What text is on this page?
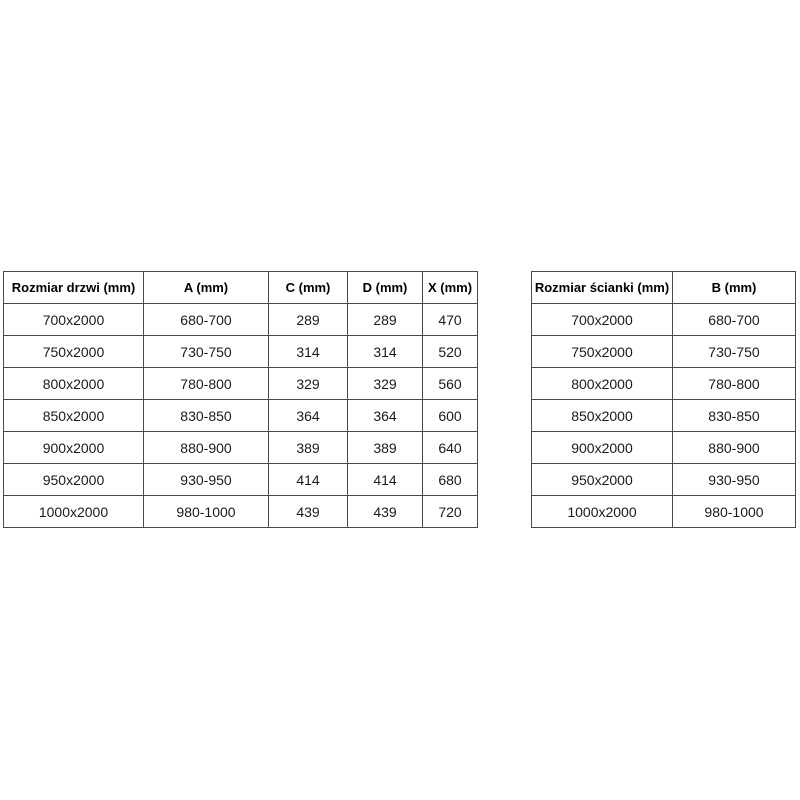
Rozmiar drzwi (mm)	A (mm)	C (mm)	D (mm)	X (mm)
700x2000	680-700	289	289	470
750x2000	730-750	314	314	520
800x2000	780-800	329	329	560
850x2000	830-850	364	364	600
900x2000	880-900	389	389	640
950x2000	930-950	414	414	680
1000x2000	980-1000	439	439	720
Rozmiar ścianki (mm)	B (mm)
700x2000	680-700
750x2000	730-750
800x2000	780-800
850x2000	830-850
900x2000	880-900
950x2000	930-950
1000x2000	980-1000
